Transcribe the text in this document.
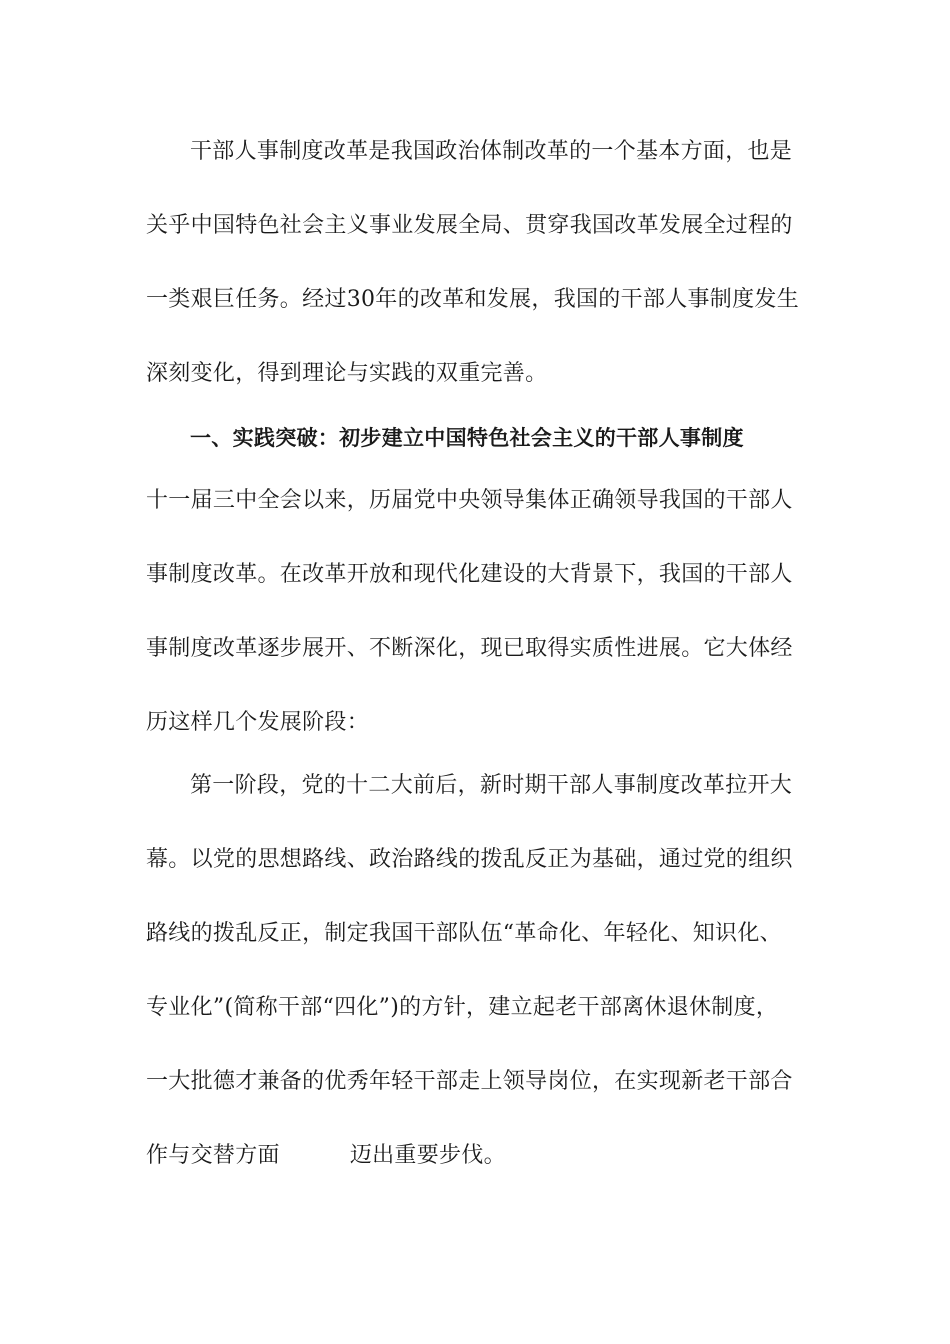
干部人事制度改革是我国政治体制改革的一个基本方面，也是
关乎中国特色社会主义事业发展全局、贯穿我国改革发展全过程的
一类艰巨任务。经过30年的改革和发展，我国的干部人事制度发生
深刻变化，得到理论与实践的双重完善。
一、实践突破：初步建立中国特色社会主义的干部人事制度
十一届三中全会以来，历届党中央领导集体正确领导我国的干部人
事制度改革。在改革开放和现代化建设的大背景下，我国的干部人
事制度改革逐步展开、不断深化，现已取得实质性进展。它大体经
历这样几个发展阶段：
第一阶段，党的十二大前后，新时期干部人事制度改革拉开大
幕。以党的思想路线、政治路线的拨乱反正为基础，通过党的组织
路线的拨乱反正，制定我国干部队伍“革命化、年轻化、知识化、
专业化”(简称干部“四化”)的方针，建立起老干部离休退休制度，
一大批德才兼备的优秀年轻干部走上领导岗位，在实现新老干部合
作与交替方面	迈出重要步伐。
